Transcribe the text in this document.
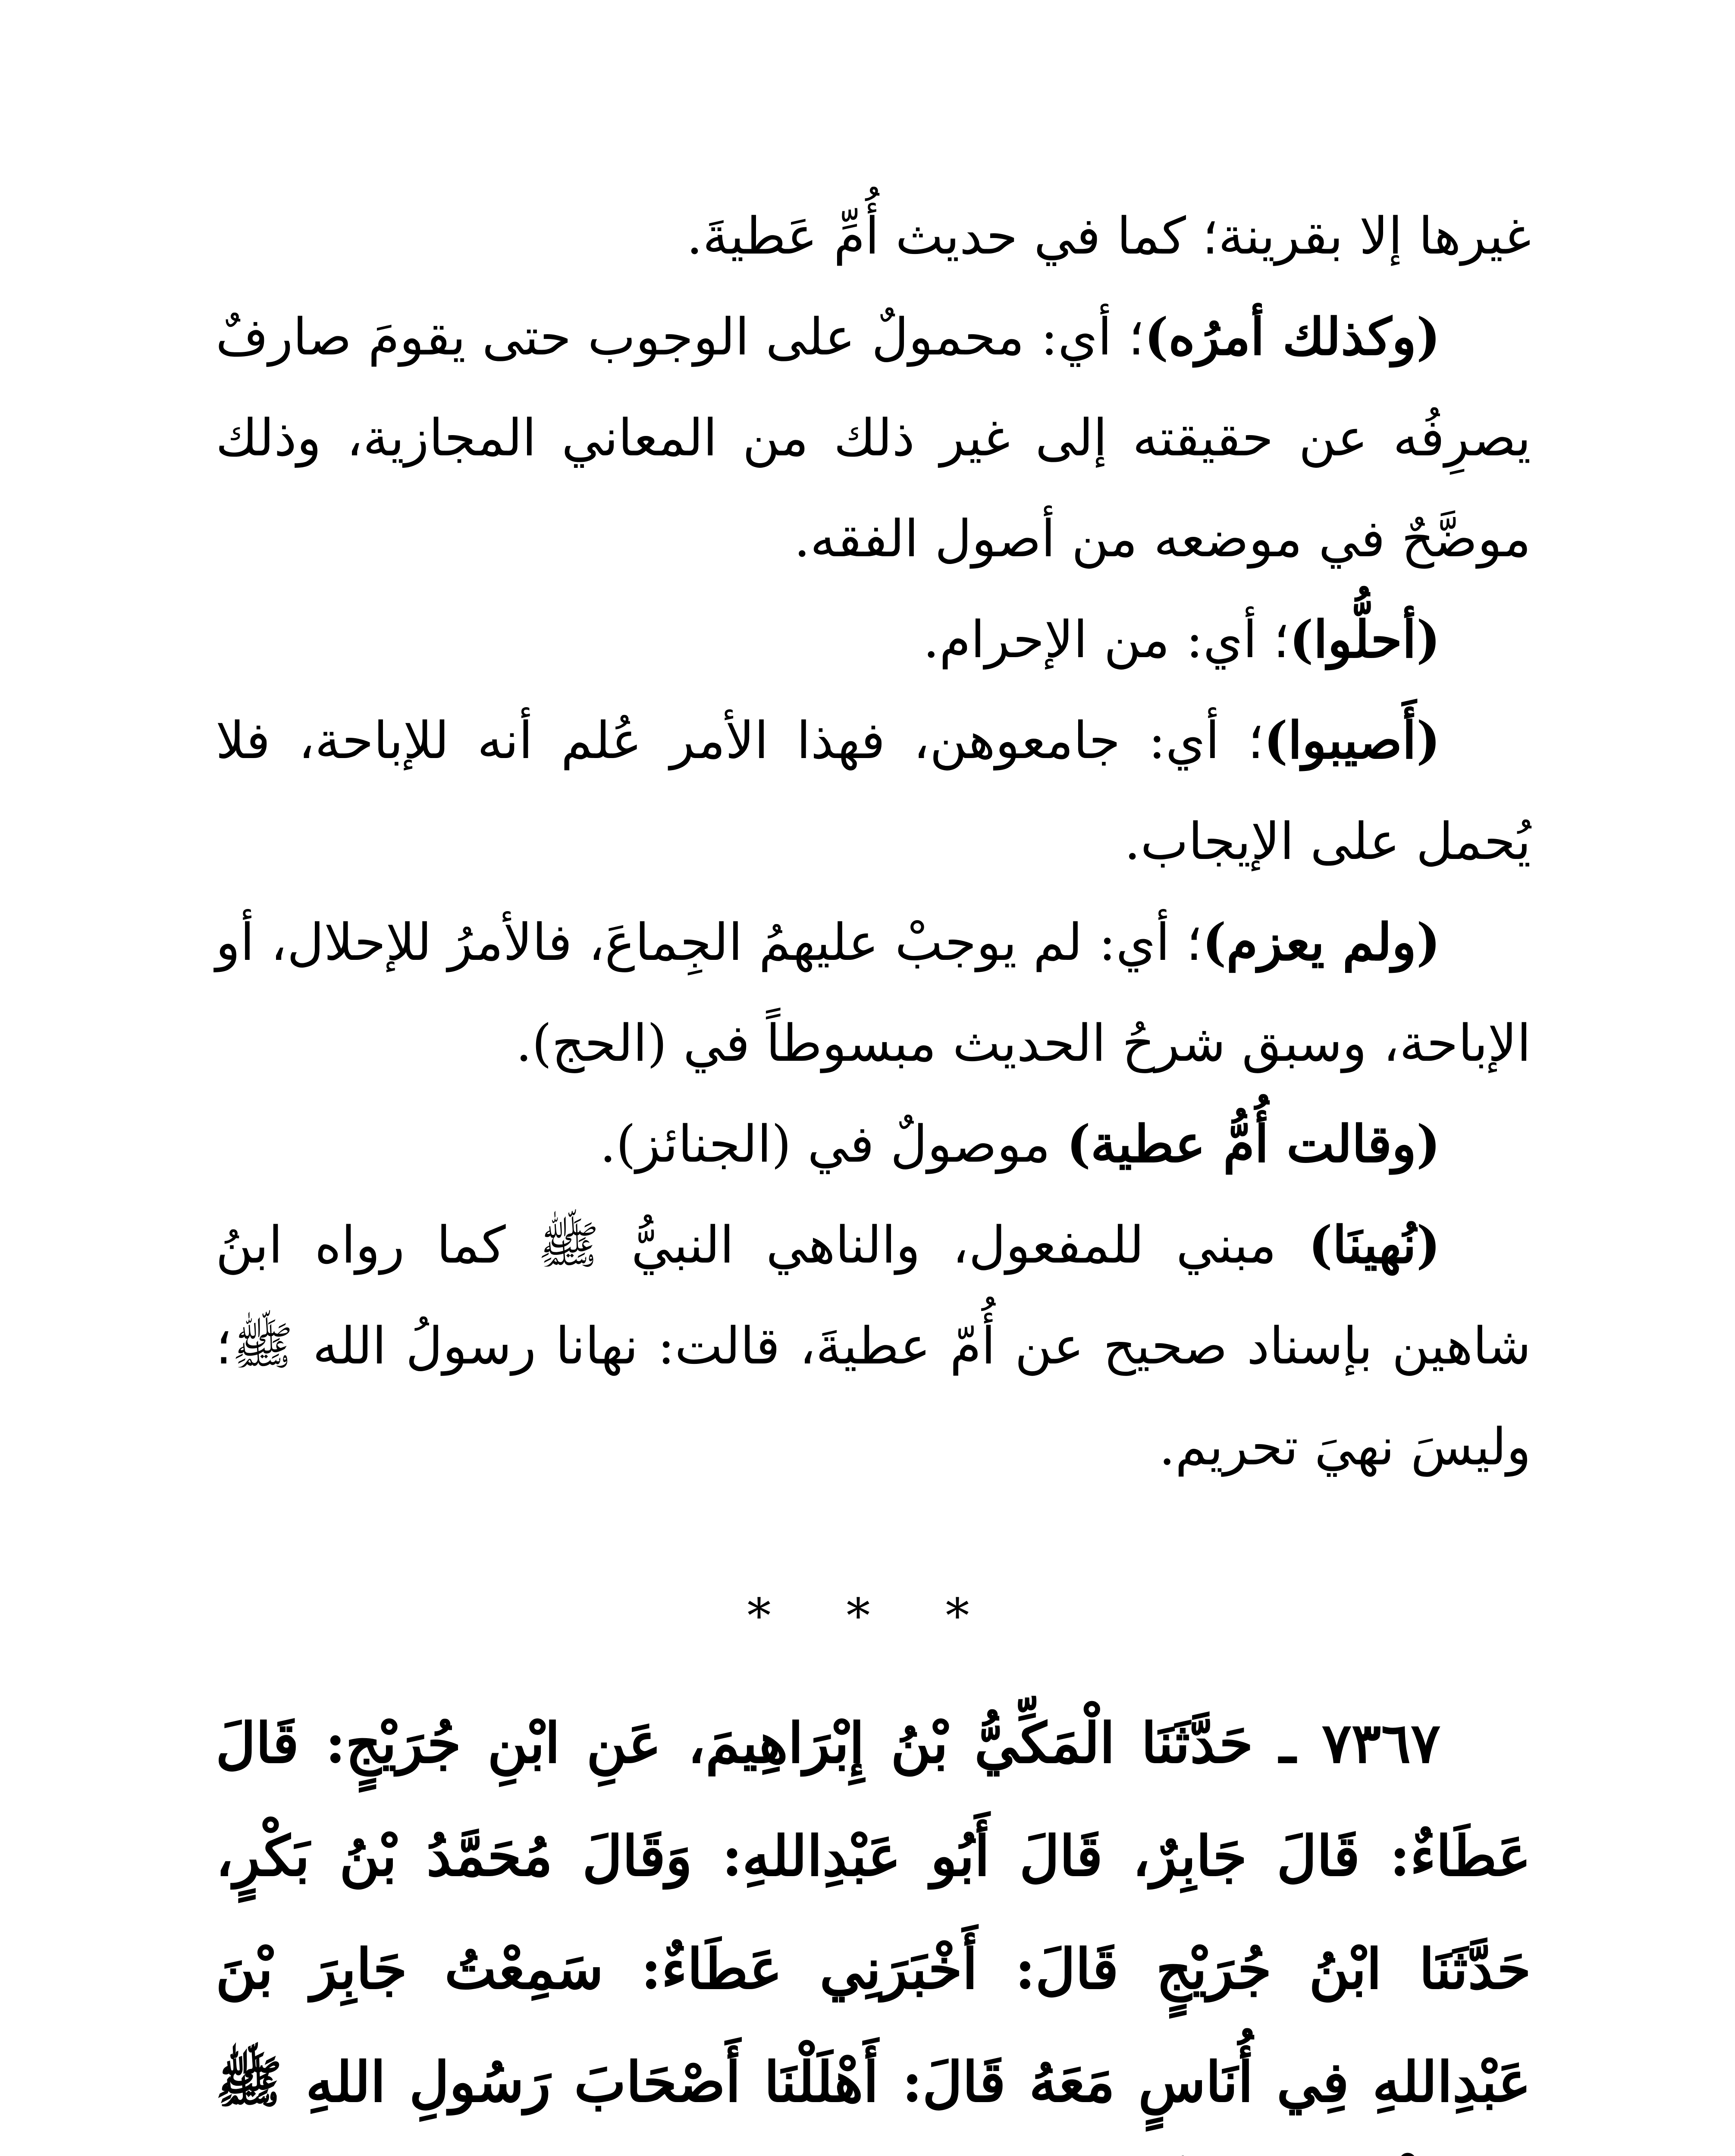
غيرها إلا بقرينة؛ كما في حديث أُمِّ عَطيةَ.

(وكذلك أمرُه)؛ أي: محمولٌ على الوجوب حتى يقومَ صارفٌ يصرِفُه عن حقيقته إلى غير ذلك من المعاني المجازية، وذلك موضَّحٌ في موضعه من أصول الفقه.

(أحلُّوا)؛ أي: من الإحرام.

(أَصيبوا)؛ أي: جامعوهن، فهذا الأمر عُلم أنه للإباحة، فلا يُحمل على الإيجاب.

(ولم يعزم)؛ أي: لم يوجبْ عليهمُ الجِماعَ، فالأمرُ للإحلال، أو الإباحة، وسبق شرحُ الحديث مبسوطاً في (الحج).

(وقالت أُمُّ عطية) موصولٌ في (الجنائز).

(نُهينَا) مبني للمفعول، والناهي النبيُّ ﷺ كما رواه ابنُ شاهين بإسناد صحيح عن أُمّ عطيةَ، قالت: نهانا رسولُ الله ﷺ؛ وليسَ نهيَ تحريم.

* * *

٧٣٦٧ ـ حَدَّثَنَا الْمَكِّيُّ بْنُ إِبْرَاهِيمَ، عَنِ ابْنِ جُرَيْجٍ: قَالَ عَطَاءٌ: قَالَ جَابِرٌ، قَالَ أَبُو عَبْدِاللهِ: وَقَالَ مُحَمَّدُ بْنُ بَكْرٍ، حَدَّثَنَا ابْنُ جُرَيْجٍ قَالَ: أَخْبَرَنِي عَطَاءٌ: سَمِعْتُ جَابِرَ بْنَ عَبْدِاللهِ فِي أُنَاسٍ مَعَهُ قَالَ: أَهْلَلْنَا أَصْحَابَ رَسُولِ اللهِ ﷺ
